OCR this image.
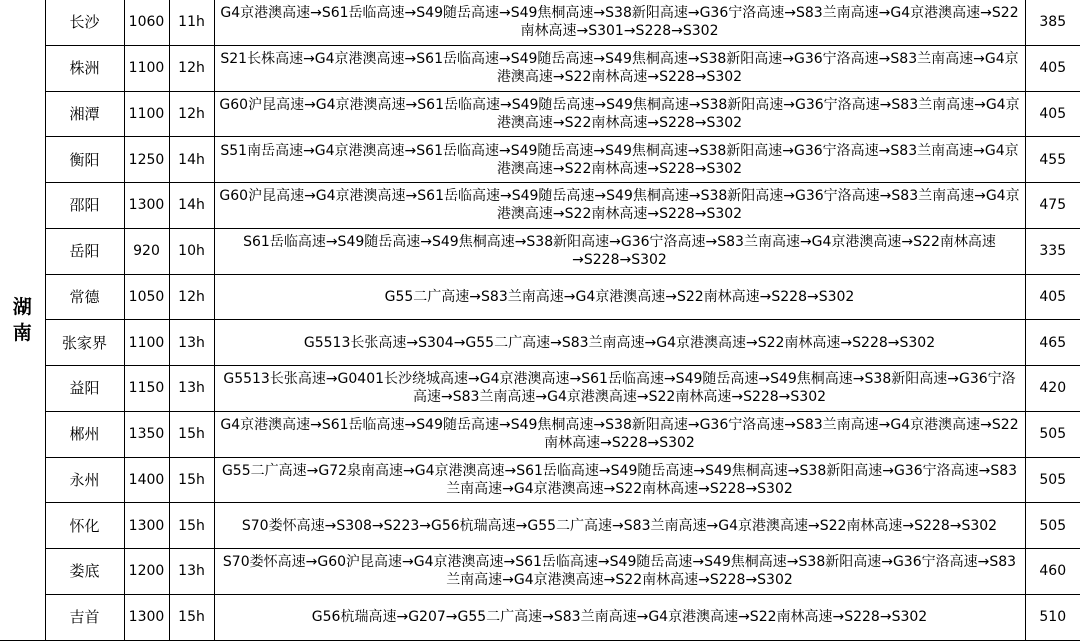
湖南	长沙	1060	11h	G4京港澳高速→S61岳临高速→S49随岳高速→S49焦桐高速→S38新阳高速→G36宁洛高速→S83兰南高速→G4京港澳高速→S22南林高速→S301→S228→S302	385
	株洲	1100	12h	S21长株高速→G4京港澳高速→S61岳临高速→S49随岳高速→S49焦桐高速→S38新阳高速→G36宁洛高速→S83兰南高速→G4京港澳高速→S22南林高速→S228→S302	405
	湘潭	1100	12h	G60沪昆高速→G4京港澳高速→S61岳临高速→S49随岳高速→S49焦桐高速→S38新阳高速→G36宁洛高速→S83兰南高速→G4京港澳高速→S22南林高速→S228→S302	405
	衡阳	1250	14h	S51南岳高速→G4京港澳高速→S61岳临高速→S49随岳高速→S49焦桐高速→S38新阳高速→G36宁洛高速→S83兰南高速→G4京港澳高速→S22南林高速→S228→S302	455
	邵阳	1300	14h	G60沪昆高速→G4京港澳高速→S61岳临高速→S49随岳高速→S49焦桐高速→S38新阳高速→G36宁洛高速→S83兰南高速→G4京港澳高速→S22南林高速→S228→S302	475
	岳阳	920	10h	S61岳临高速→S49随岳高速→S49焦桐高速→S38新阳高速→G36宁洛高速→S83兰南高速→G4京港澳高速→S22南林高速→S228→S302	335
	常德	1050	12h	G55二广高速→S83兰南高速→G4京港澳高速→S22南林高速→S228→S302	405
	张家界	1100	13h	G5513长张高速→S304→G55二广高速→S83兰南高速→G4京港澳高速→S22南林高速→S228→S302	465
	益阳	1150	13h	G5513长张高速→G0401长沙绕城高速→G4京港澳高速→S61岳临高速→S49随岳高速→S49焦桐高速→S38新阳高速→G36宁洛高速→S83兰南高速→G4京港澳高速→S22南林高速→S228→S302	420
	郴州	1350	15h	G4京港澳高速→S61岳临高速→S49随岳高速→S49焦桐高速→S38新阳高速→G36宁洛高速→S83兰南高速→G4京港澳高速→S22南林高速→S228→S302	505
	永州	1400	15h	G55二广高速→G72泉南高速→G4京港澳高速→S61岳临高速→S49随岳高速→S49焦桐高速→S38新阳高速→G36宁洛高速→S83兰南高速→G4京港澳高速→S22南林高速→S228→S302	505
	怀化	1300	15h	S70娄怀高速→S308→S223→G56杭瑞高速→G55二广高速→S83兰南高速→G4京港澳高速→S22南林高速→S228→S302	505
	娄底	1200	13h	S70娄怀高速→G60沪昆高速→G4京港澳高速→S61岳临高速→S49随岳高速→S49焦桐高速→S38新阳高速→G36宁洛高速→S83兰南高速→G4京港澳高速→S22南林高速→S228→S302	460
	吉首	1300	15h	G56杭瑞高速→G207→G55二广高速→S83兰南高速→G4京港澳高速→S22南林高速→S228→S302	510
